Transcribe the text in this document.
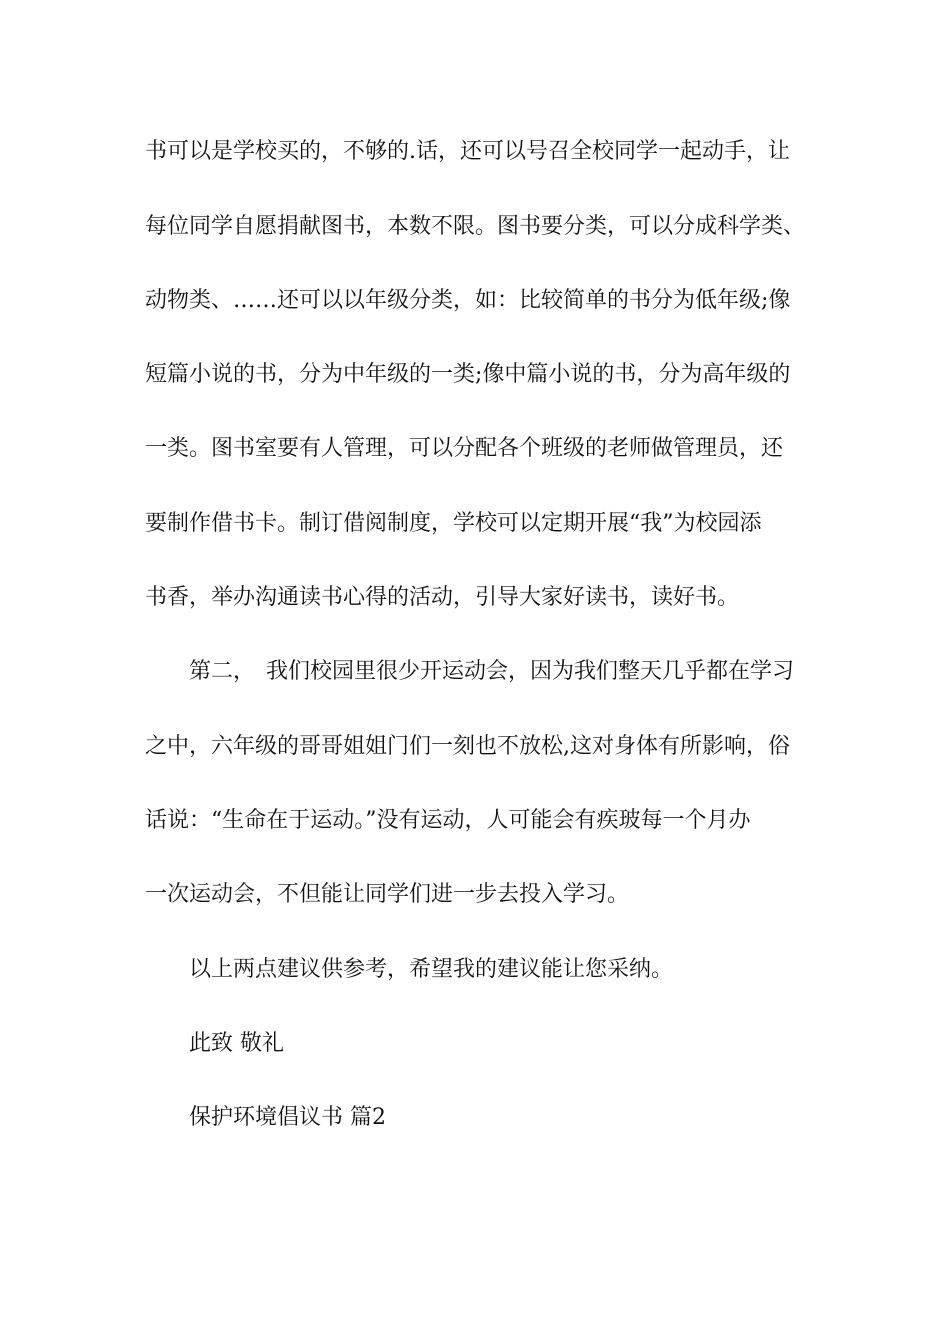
书可以是学校买的，不够的.话，还可以号召全校同学一起动手，让
每位同学自愿捐献图书，本数不限。图书要分类，可以分成科学类、
动物类、……还可以以年级分类，如：比较简单的书分为低年级;像
短篇小说的书，分为中年级的一类;像中篇小说的书，分为高年级的
一类。图书室要有人管理，可以分配各个班级的老师做管理员，还
要制作借书卡。制订借阅制度，学校可以定期开展“我”为校园添
书香，举办沟通读书心得的活动，引导大家好读书，读好书。
第二，　我们校园里很少开运动会，因为我们整天几乎都在学习
之中，六年级的哥哥姐姐门们一刻也不放松,这对身体有所影响，俗
话说：“生命在于运动。”没有运动，人可能会有疾玻每一个月办
一次运动会，不但能让同学们进一步去投入学习。
以上两点建议供参考，希望我的建议能让您采纳。
此致 敬礼
保护环境倡议书 篇2
